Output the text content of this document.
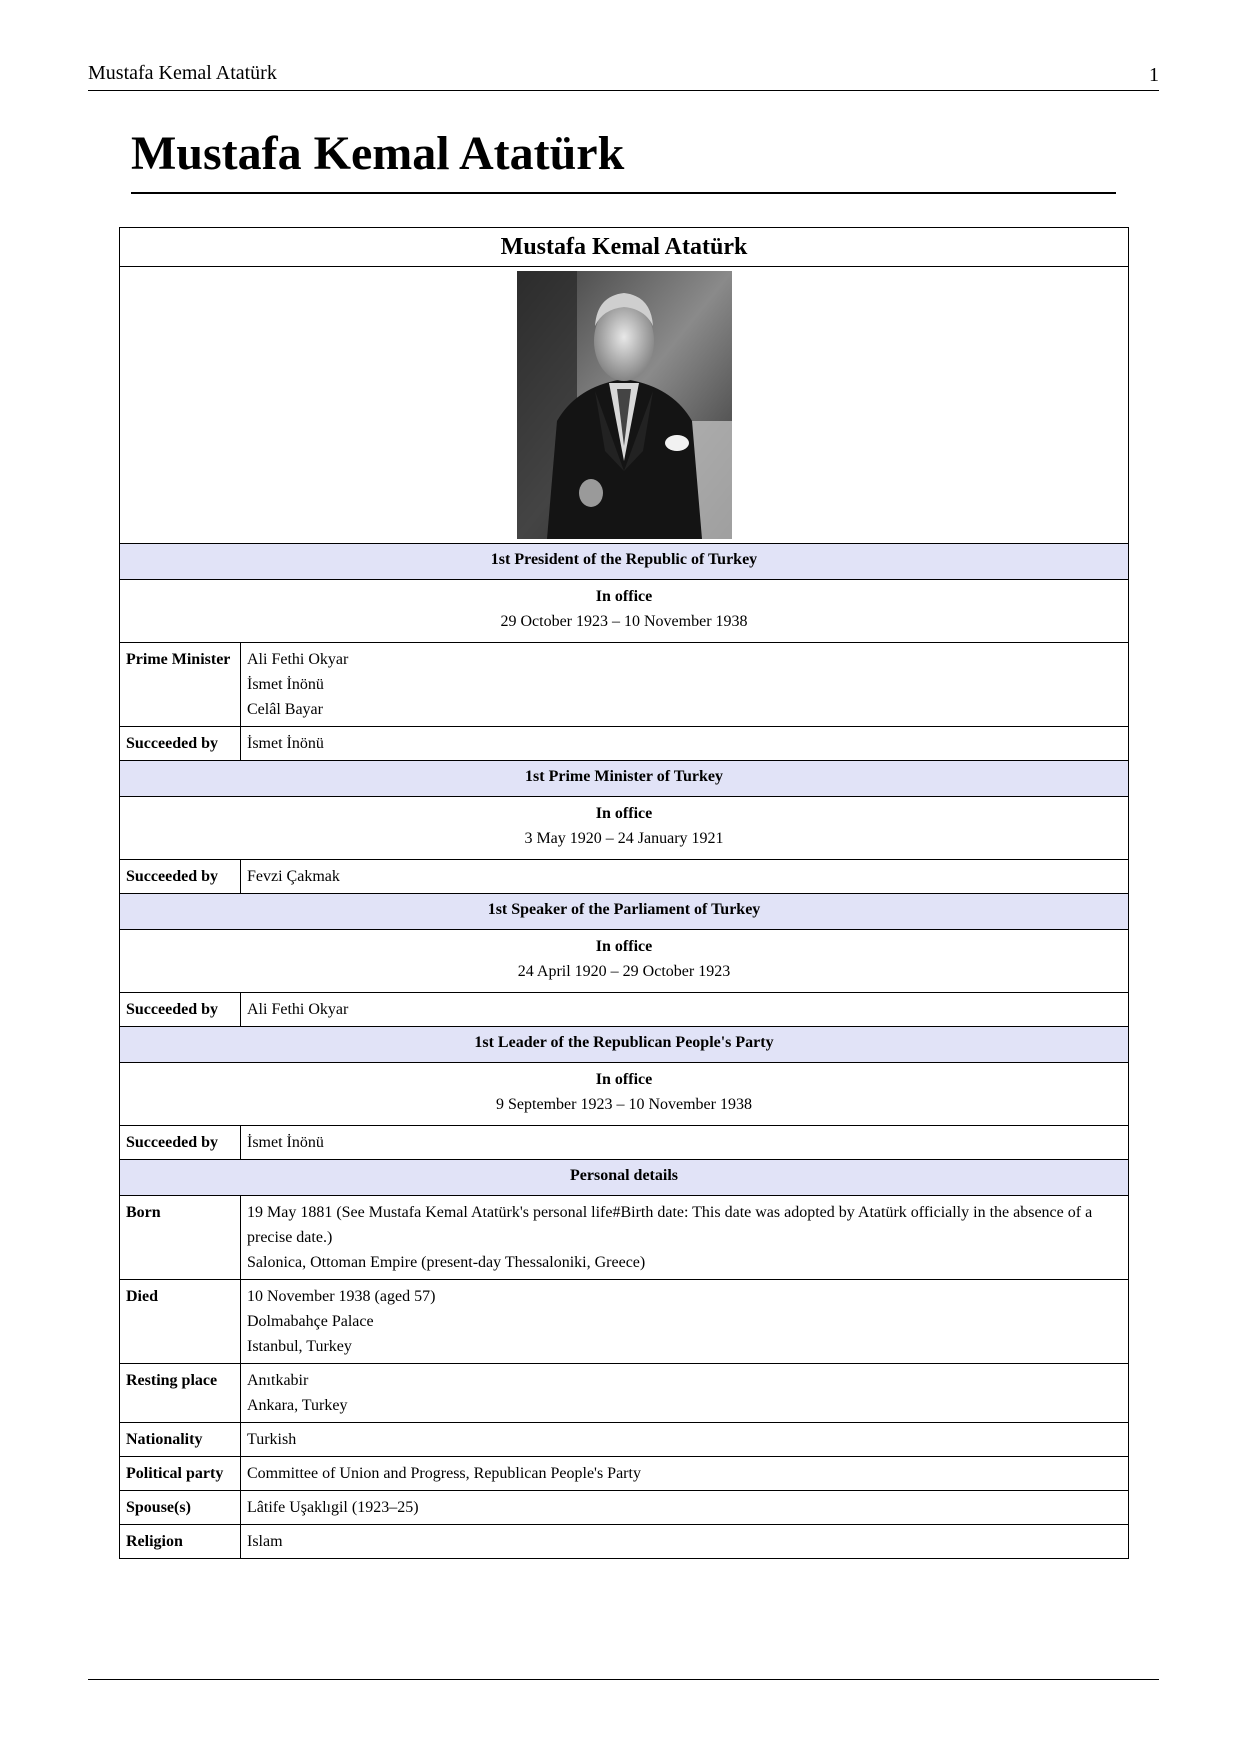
Mustafa Kemal Atatürk	1
Mustafa Kemal Atatürk
Mustafa Kemal Atatürk	

1st President of the Republic of Turkey	

In office
29 October 1923 – 10 November 1938	

Prime Minister	Ali Fethi Okyar
İsmet İnönü
Celâl Bayar

Succeeded by	İsmet İnönü
1st Prime Minister of Turkey	

In office
3 May 1920 – 24 January 1921	

Succeeded by	Fevzi Çakmak
1st Speaker of the Parliament of Turkey	

In office
24 April 1920 – 29 October 1923	

Succeeded by	Ali Fethi Okyar
1st Leader of the Republican People's Party	

In office
9 September 1923 – 10 November 1938	

Succeeded by	İsmet İnönü
Personal details	
Born	19 May 1881 (See Mustafa Kemal Atatürk's personal life#Birth date: This date was adopted by Atatürk officially in the absence of a precise date.)
Salonica, Ottoman Empire (present-day Thessaloniki, Greece)

Died	10 November 1938 (aged 57)
Dolmabahçe Palace
Istanbul, Turkey

Resting place	Anıtkabir
Ankara, Turkey

Nationality	Turkish
Political party	Committee of Union and Progress, Republican People's Party
Spouse(s)	Lâtife Uşaklıgil (1923–25)
Religion	Islam
